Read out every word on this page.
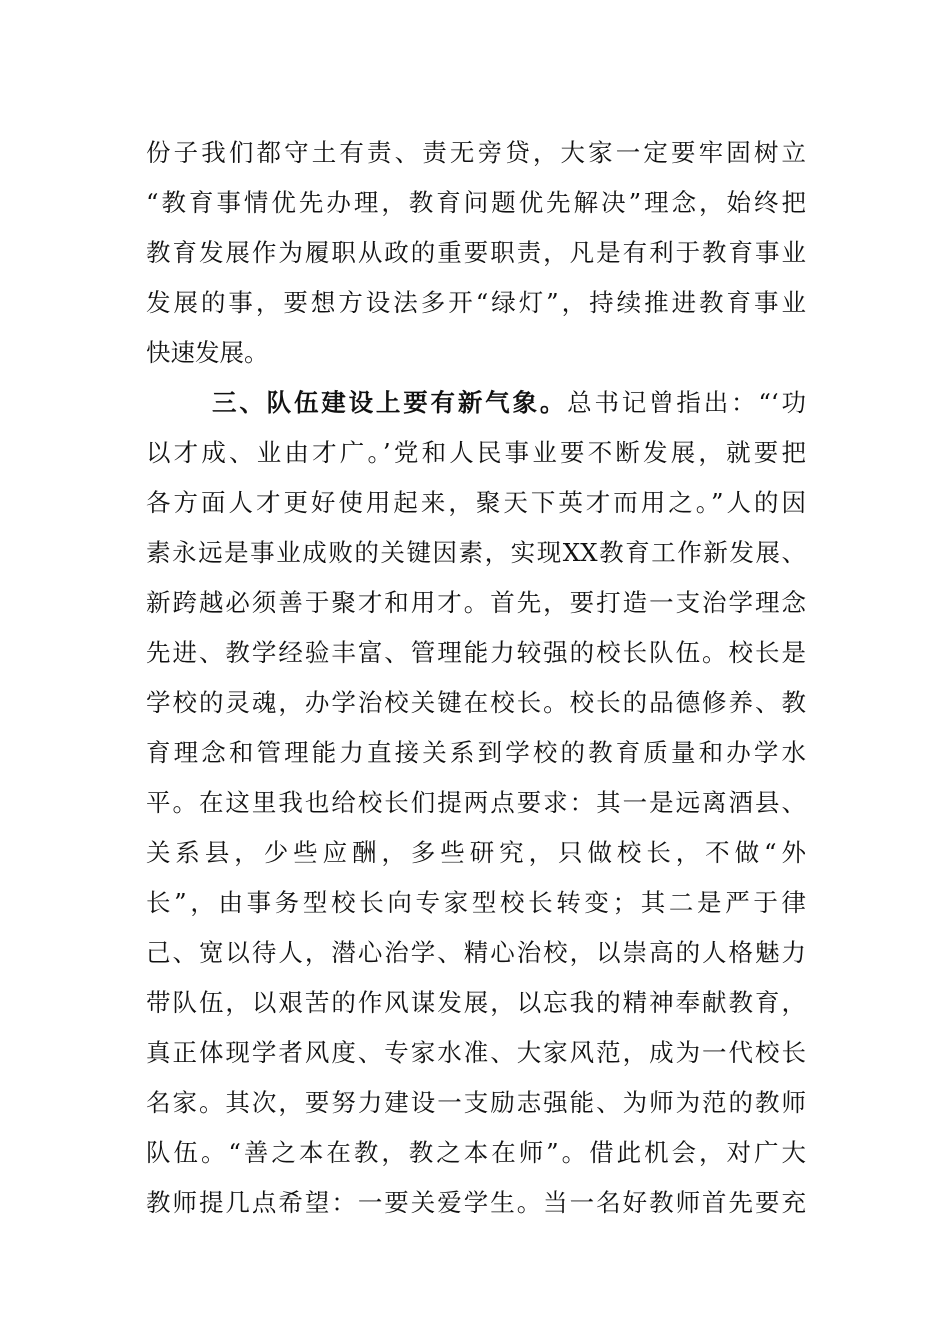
份子我们都守土有责、责无旁贷，大家一定要牢固树立
“教育事情优先办理，教育问题优先解决”理念，始终把
教育发展作为履职从政的重要职责，凡是有利于教育事业
发展的事，要想方设法多开“绿灯”，持续推进教育事业
快速发展。
三、队伍建设上要有新气象。总书记曾指出：“‘功
以才成、业由才广。’党和人民事业要不断发展，就要把
各方面人才更好使用起来，聚天下英才而用之。”人的因
素永远是事业成败的关键因素，实现XX教育工作新发展、
新跨越必须善于聚才和用才。首先，要打造一支治学理念
先进、教学经验丰富、管理能力较强的校长队伍。校长是
学校的灵魂，办学治校关键在校长。校长的品德修养、教
育理念和管理能力直接关系到学校的教育质量和办学水
平。在这里我也给校长们提两点要求：其一是远离酒县、
关系县，少些应酬，多些研究，只做校长，不做“外
长”，由事务型校长向专家型校长转变；其二是严于律
己、宽以待人，潜心治学、精心治校，以崇高的人格魅力
带队伍，以艰苦的作风谋发展，以忘我的精神奉献教育，
真正体现学者风度、专家水准、大家风范，成为一代校长
名家。其次，要努力建设一支励志强能、为师为范的教师
队伍。“善之本在教，教之本在师”。借此机会，对广大
教师提几点希望：一要关爱学生。当一名好教师首先要充
